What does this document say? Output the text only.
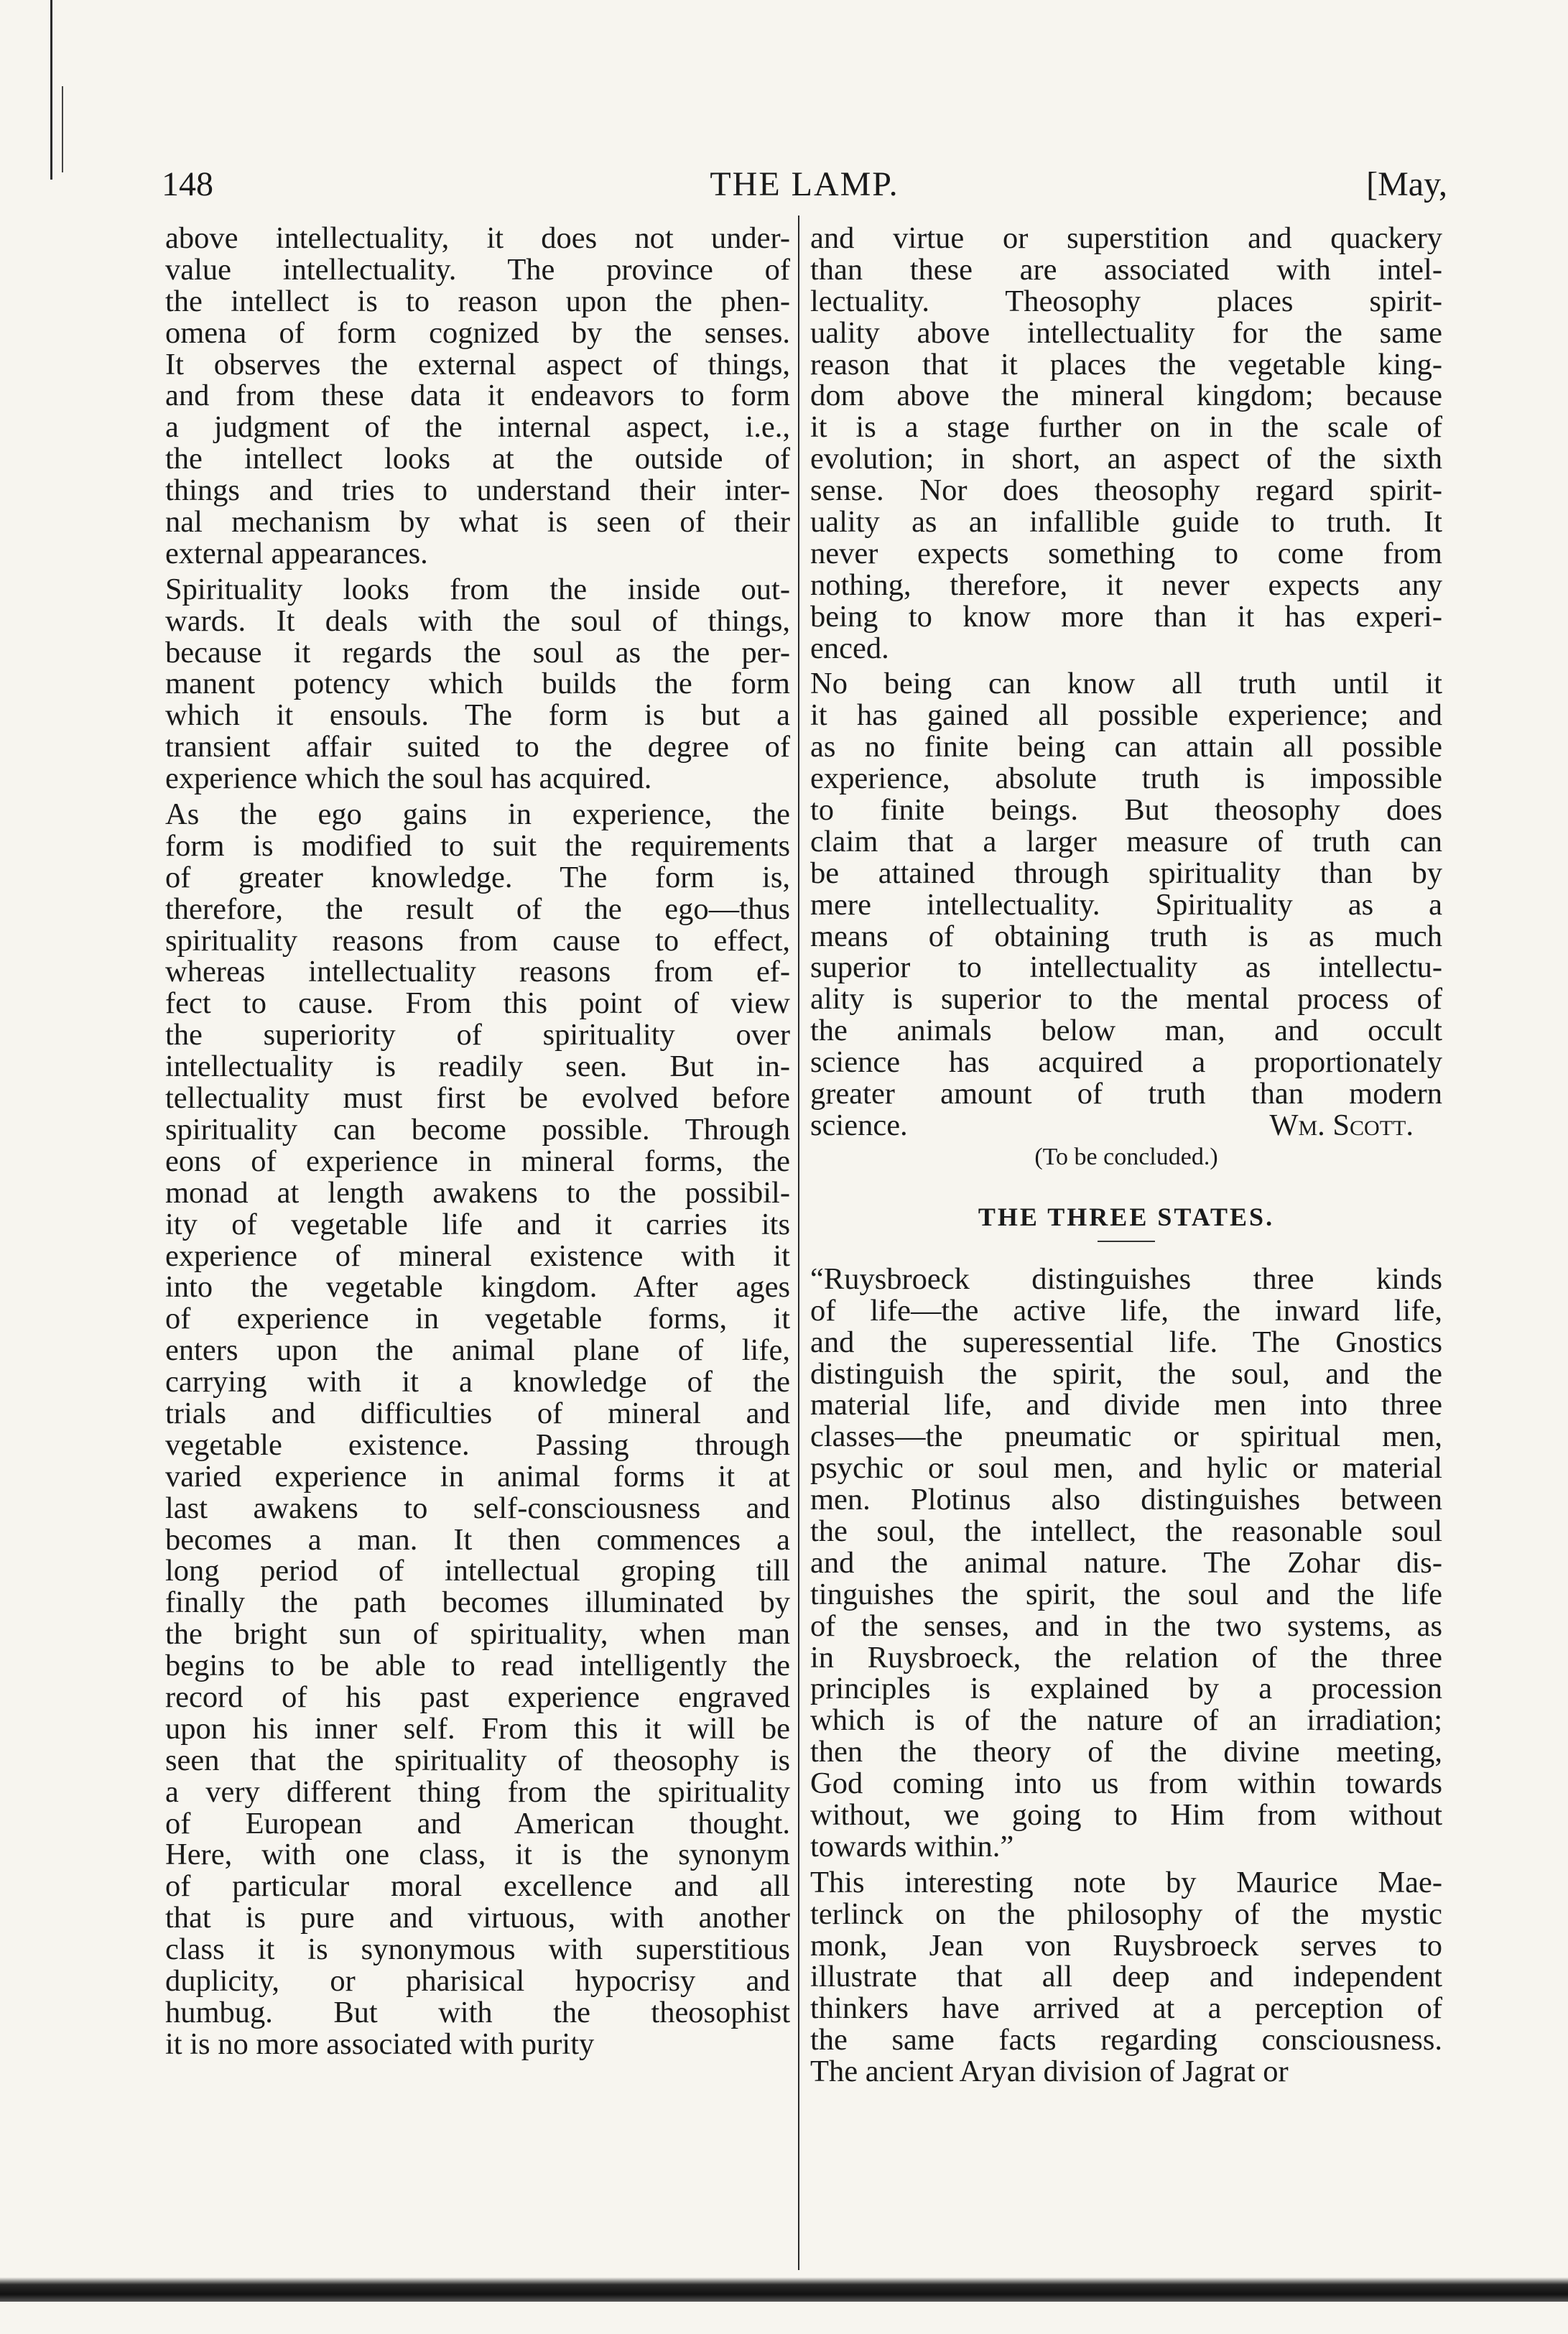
148	THE LAMP.	[May,
above intellectuality, it does not under-
value intellectuality. The province of
the intellect is to reason upon the phen-
omena of form cognized by the senses.
It observes the external aspect of things,
and from these data it endeavors to form
a judgment of the internal aspect, i.e.,
the intellect looks at the outside of
things and tries to understand their inter-
nal mechanism by what is seen of their
external appearances.
Spirituality looks from the inside out-
wards. It deals with the soul of things,
because it regards the soul as the per-
manent potency which builds the form
which it ensouls. The form is but a
transient affair suited to the degree of
experience which the soul has acquired.
As the ego gains in experience, the
form is modified to suit the requirements
of greater knowledge. The form is,
therefore, the result of the ego—thus
spirituality reasons from cause to effect,
whereas intellectuality reasons from ef-
fect to cause. From this point of view
the superiority of spirituality over
intellectuality is readily seen. But in-
tellectuality must first be evolved before
spirituality can become possible. Through
eons of experience in mineral forms, the
monad at length awakens to the possibil-
ity of vegetable life and it carries its
experience of mineral existence with it
into the vegetable kingdom. After ages
of experience in vegetable forms, it
enters upon the animal plane of life,
carrying with it a knowledge of the
trials and difficulties of mineral and
vegetable existence. Passing through
varied experience in animal forms it at
last awakens to self-consciousness and
becomes a man. It then commences a
long period of intellectual groping till
finally the path becomes illuminated by
the bright sun of spirituality, when man
begins to be able to read intelligently the
record of his past experience engraved
upon his inner self. From this it will be
seen that the spirituality of theosophy is
a very different thing from the spirituality
of European and American thought.
Here, with one class, it is the synonym
of particular moral excellence and all
that is pure and virtuous, with another
class it is synonymous with superstitious
duplicity, or pharisical hypocrisy and
humbug. But with the theosophist
it is no more associated with purity
and virtue or superstition and quackery
than these are associated with intel-
lectuality. Theosophy places spirit-
uality above intellectuality for the same
reason that it places the vegetable king-
dom above the mineral kingdom; because
it is a stage further on in the scale of
evolution; in short, an aspect of the sixth
sense. Nor does theosophy regard spirit-
uality as an infallible guide to truth. It
never expects something to come from
nothing, therefore, it never expects any
being to know more than it has experi-
enced.
No being can know all truth until it
it has gained all possible experience; and
as no finite being can attain all possible
experience, absolute truth is impossible
to finite beings. But theosophy does
claim that a larger measure of truth can
be attained through spirituality than by
mere intellectuality. Spirituality as a
means of obtaining truth is as much
superior to intellectuality as intellectu-
ality is superior to the mental process of
the animals below man, and occult
science has acquired a proportionately
greater amount of truth than modern
science.	Wm. Scott.
(To be concluded.)
THE THREE STATES.
“Ruysbroeck distinguishes three kinds
of life—the active life, the inward life,
and the superessential life. The Gnostics
distinguish the spirit, the soul, and the
material life, and divide men into three
classes—the pneumatic or spiritual men,
psychic or soul men, and hylic or material
men. Plotinus also distinguishes between
the soul, the intellect, the reasonable soul
and the animal nature. The Zohar dis-
tinguishes the spirit, the soul and the life
of the senses, and in the two systems, as
in Ruysbroeck, the relation of the three
principles is explained by a procession
which is of the nature of an irradiation;
then the theory of the divine meeting,
God coming into us from within towards
without, we going to Him from without
towards within.”
This interesting note by Maurice Mae-
terlinck on the philosophy of the mystic
monk, Jean von Ruysbroeck serves to
illustrate that all deep and independent
thinkers have arrived at a perception of
the same facts regarding consciousness.
The ancient Aryan division of Jagrat or
